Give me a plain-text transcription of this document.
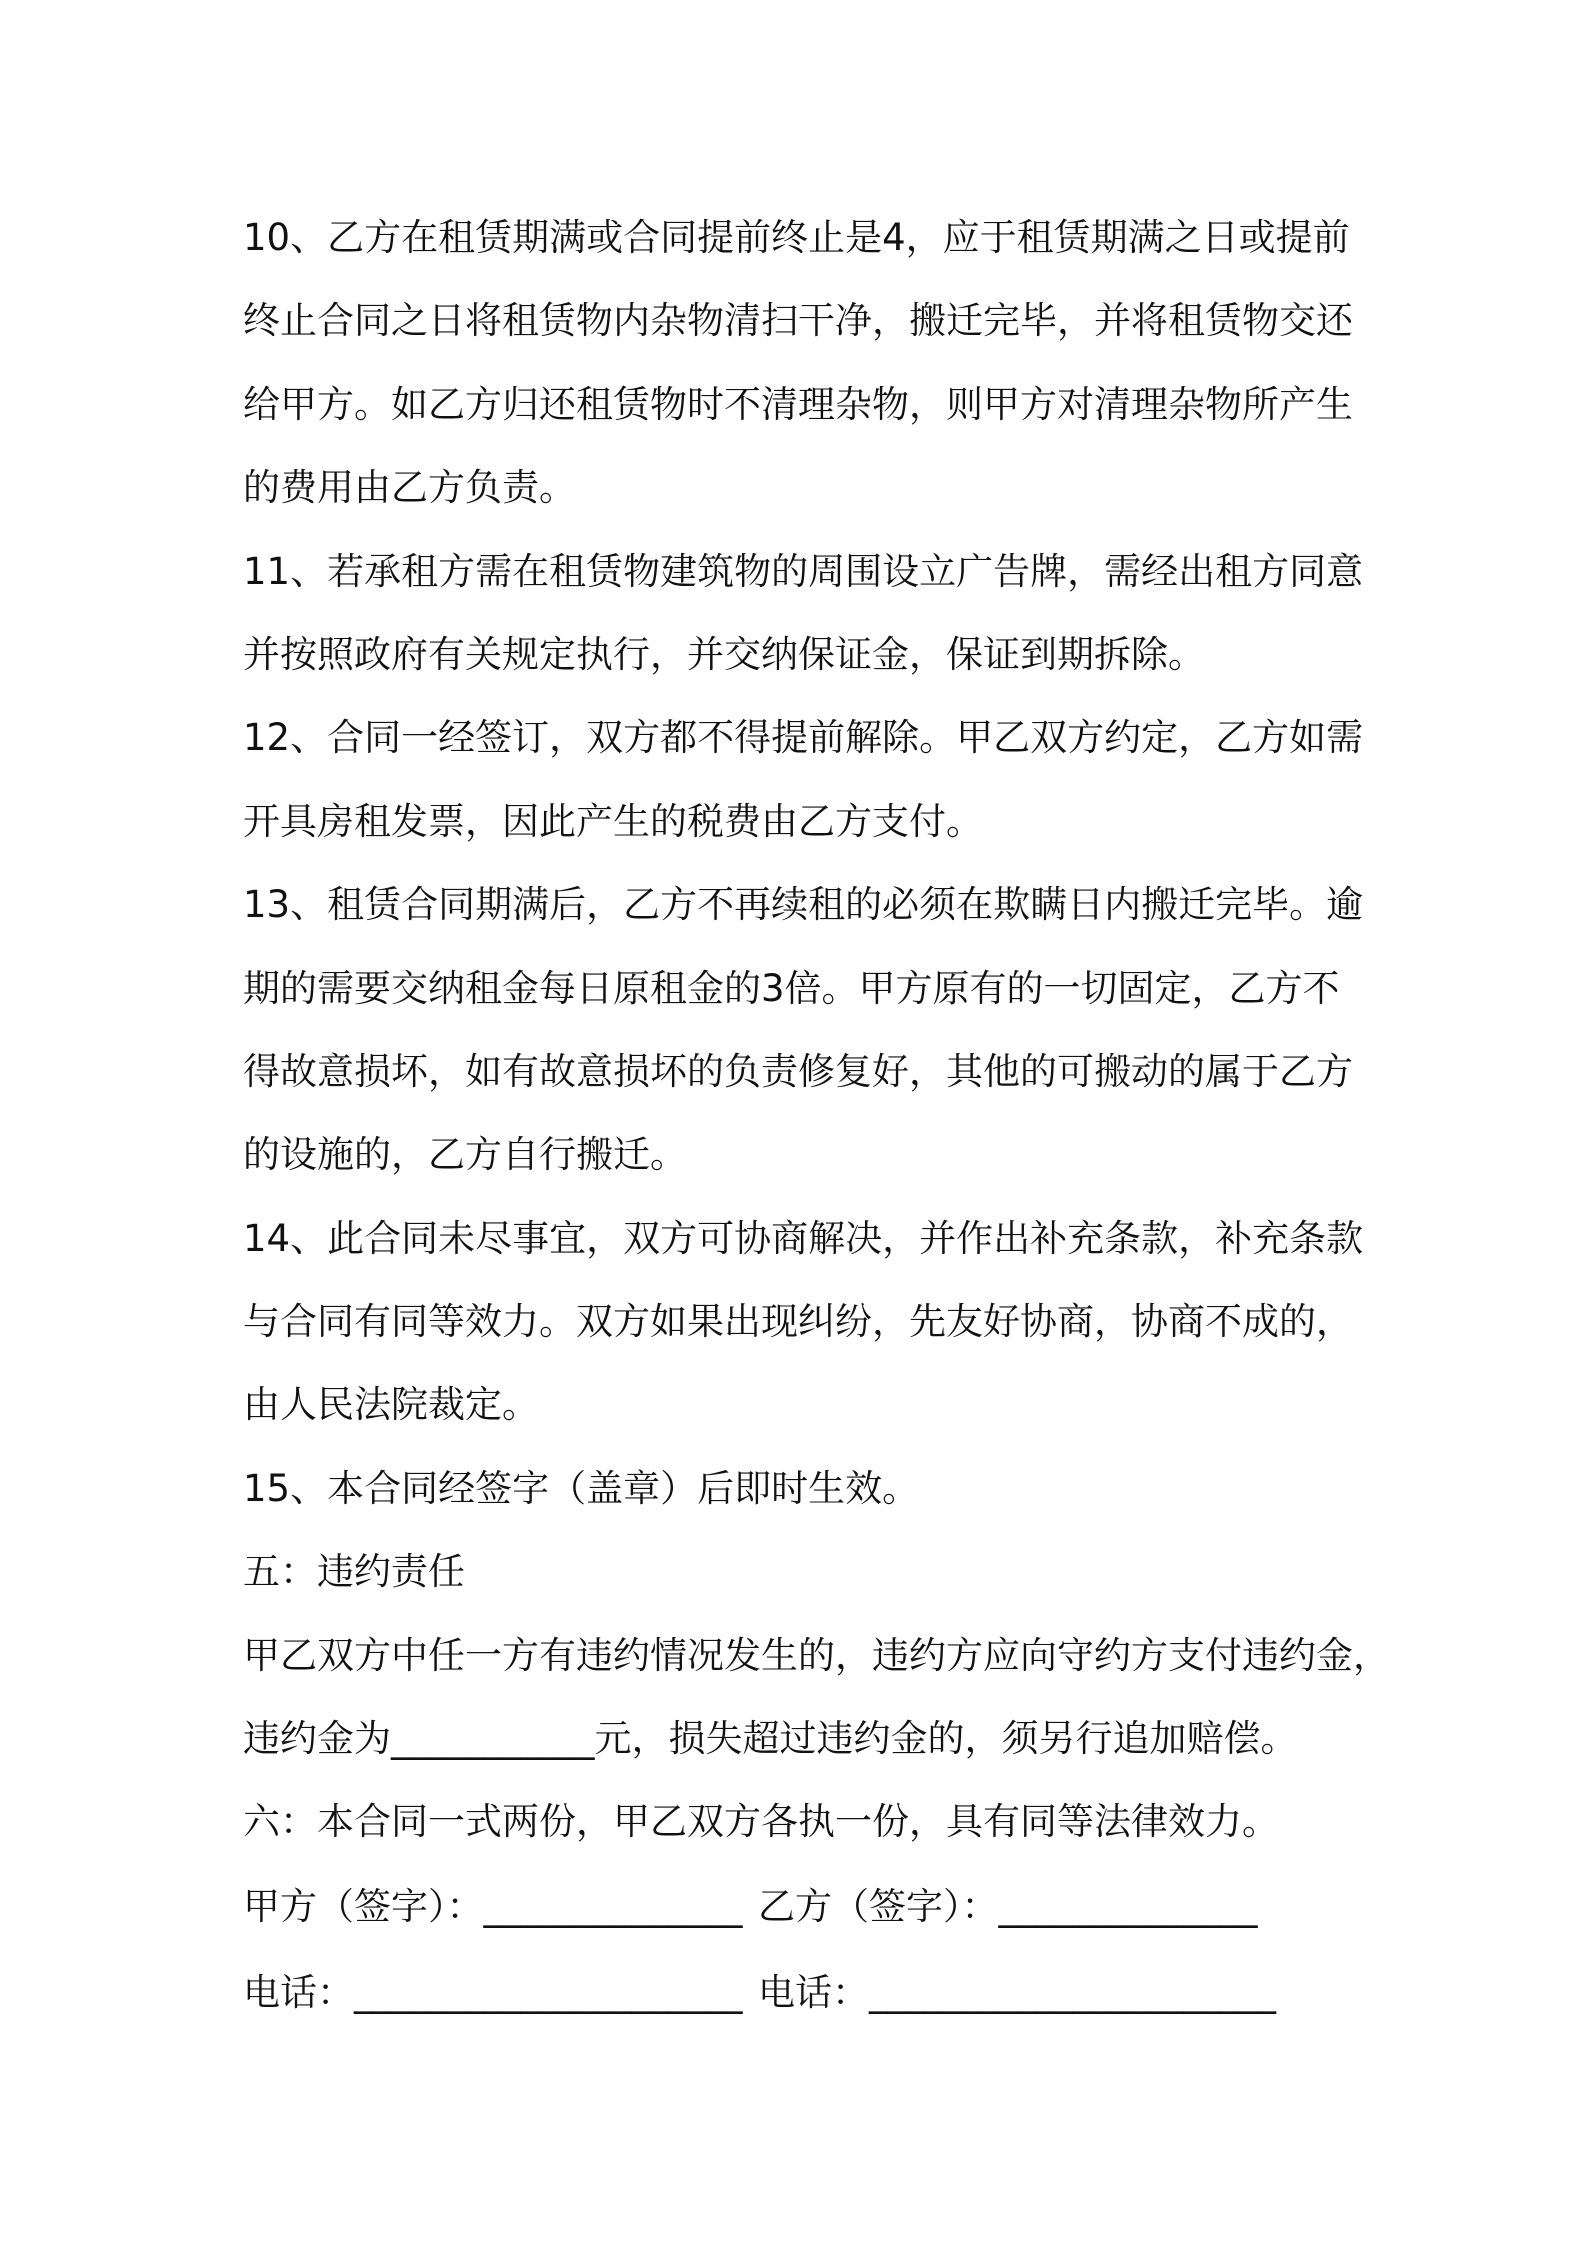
10、乙方在租赁期满或合同提前终止是4，应于租赁期满之日或提前
终止合同之日将租赁物内杂物清扫干净，搬迁完毕，并将租赁物交还
给甲方。如乙方归还租赁物时不清理杂物，则甲方对清理杂物所产生
的费用由乙方负责。
11、若承租方需在租赁物建筑物的周围设立广告牌，需经出租方同意
并按照政府有关规定执行，并交纳保证金，保证到期拆除。
12、合同一经签订，双方都不得提前解除。甲乙双方约定，乙方如需
开具房租发票，因此产生的税费由乙方支付。
13、租赁合同期满后，乙方不再续租的必须在欺瞒日内搬迁完毕。逾
期的需要交纳租金每日原租金的3倍。甲方原有的一切固定，乙方不
得故意损坏，如有故意损坏的负责修复好，其他的可搬动的属于乙方
的设施的，乙方自行搬迁。
14、此合同未尽事宜，双方可协商解决，并作出补充条款，补充条款
与合同有同等效力。双方如果出现纠纷，先友好协商，协商不成的，
由人民法院裁定。
15、本合同经签字（盖章）后即时生效。
五：违约责任
甲乙双方中任一方有违约情况发生的，违约方应向守约方支付违约金，
违约金为___________元，损失超过违约金的，须另行追加赔偿。
六：本合同一式两份，甲乙双方各执一份，具有同等法律效力。
甲方（签字）：______________ 乙方（签字）：______________
电话：_____________________ 电话：______________________
